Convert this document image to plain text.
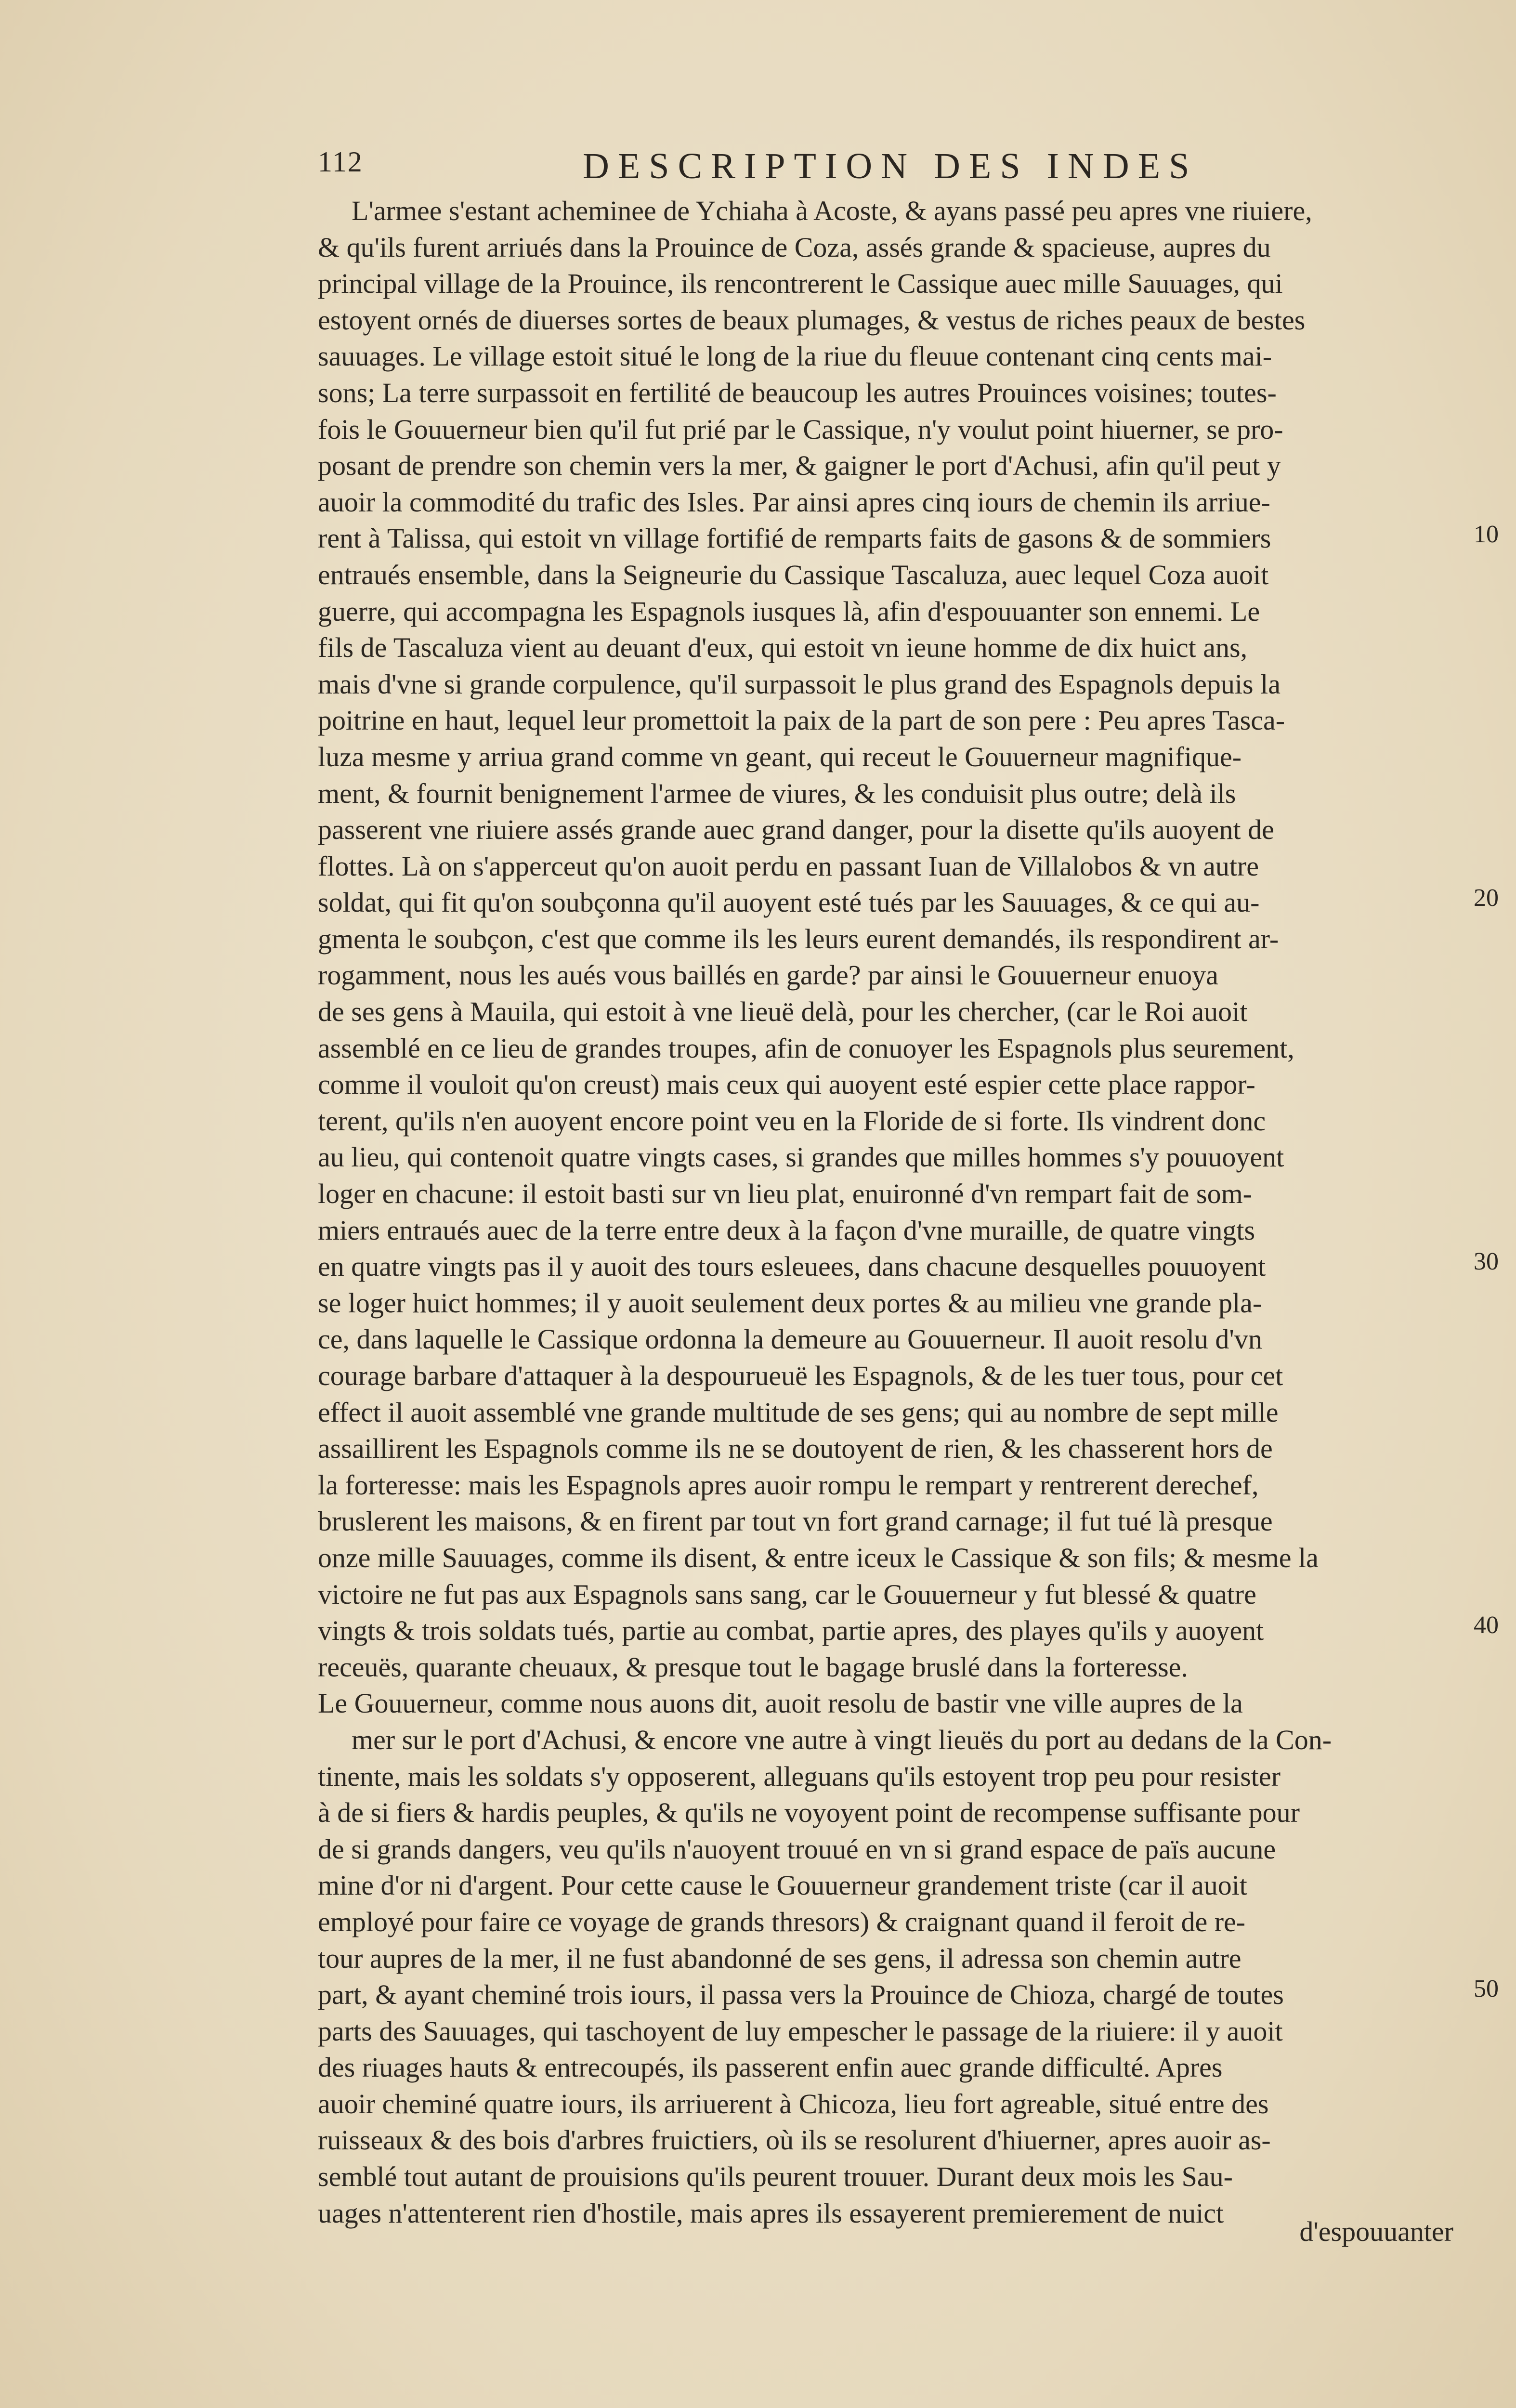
112	DESCRIPTION DES INDES
L'armee s'estant acheminee de Ychiaha à Acoste, & ayans passé peu apres vne riuiere,
& qu'ils furent arriués dans la Prouince de Coza, assés grande & spacieuse, aupres du
principal village de la Prouince, ils rencontrerent le Cassique auec mille Sauuages, qui
estoyent ornés de diuerses sortes de beaux plumages, & vestus de riches peaux de bestes
sauuages. Le village estoit situé le long de la riue du fleuue contenant cinq cents mai-
sons; La terre surpassoit en fertilité de beaucoup les autres Prouinces voisines; toutes-
fois le Gouuerneur bien qu'il fut prié par le Cassique, n'y voulut point hiuerner, se pro-
posant de prendre son chemin vers la mer, & gaigner le port d'Achusi, afin qu'il peut y
auoir la commodité du trafic des Isles. Par ainsi apres cinq iours de chemin ils arriue-
rent à Talissa, qui estoit vn village fortifié de remparts faits de gasons & de sommiers
entraués ensemble, dans la Seigneurie du Cassique Tascaluza, auec lequel Coza auoit
guerre, qui accompagna les Espagnols iusques là, afin d'espouuanter son ennemi. Le
fils de Tascaluza vient au deuant d'eux, qui estoit vn ieune homme de dix huict ans,
mais d'vne si grande corpulence, qu'il surpassoit le plus grand des Espagnols depuis la
poitrine en haut, lequel leur promettoit la paix de la part de son pere : Peu apres Tasca-
luza mesme y arriua grand comme vn geant, qui receut le Gouuerneur magnifique-
ment, & fournit benignement l'armee de viures, & les conduisit plus outre; delà ils
passerent vne riuiere assés grande auec grand danger, pour la disette qu'ils auoyent de
flottes. Là on s'apperceut qu'on auoit perdu en passant Iuan de Villalobos & vn autre
soldat, qui fit qu'on soubçonna qu'il auoyent esté tués par les Sauuages, & ce qui au-
gmenta le soubçon, c'est que comme ils les leurs eurent demandés, ils respondirent ar-
rogamment, nous les aués vous baillés en garde? par ainsi le Gouuerneur enuoya
de ses gens à Mauila, qui estoit à vne lieuë delà, pour les chercher, (car le Roi auoit
assemblé en ce lieu de grandes troupes, afin de conuoyer les Espagnols plus seurement,
comme il vouloit qu'on creust) mais ceux qui auoyent esté espier cette place rappor-
terent, qu'ils n'en auoyent encore point veu en la Floride de si forte. Ils vindrent donc
au lieu, qui contenoit quatre vingts cases, si grandes que milles hommes s'y pouuoyent
loger en chacune: il estoit basti sur vn lieu plat, enuironné d'vn rempart fait de som-
miers entraués auec de la terre entre deux à la façon d'vne muraille, de quatre vingts
en quatre vingts pas il y auoit des tours esleuees, dans chacune desquelles pouuoyent
se loger huict hommes; il y auoit seulement deux portes & au milieu vne grande pla-
ce, dans laquelle le Cassique ordonna la demeure au Gouuerneur. Il auoit resolu d'vn
courage barbare d'attaquer à la despourueuë les Espagnols, & de les tuer tous, pour cet
effect il auoit assemblé vne grande multitude de ses gens; qui au nombre de sept mille
assaillirent les Espagnols comme ils ne se doutoyent de rien, & les chasserent hors de
la forteresse: mais les Espagnols apres auoir rompu le rempart y rentrerent derechef,
bruslerent les maisons, & en firent par tout vn fort grand carnage; il fut tué là presque
onze mille Sauuages, comme ils disent, & entre iceux le Cassique & son fils; & mesme la
victoire ne fut pas aux Espagnols sans sang, car le Gouuerneur y fut blessé & quatre
vingts & trois soldats tués, partie au combat, partie apres, des playes qu'ils y auoyent
receuës, quarante cheuaux, & presque tout le bagage bruslé dans la forteresse.
Le Gouuerneur, comme nous auons dit, auoit resolu de bastir vne ville aupres de la
mer sur le port d'Achusi, & encore vne autre à vingt lieuës du port au dedans de la Con-
tinente, mais les soldats s'y opposerent, alleguans qu'ils estoyent trop peu pour resister
à de si fiers & hardis peuples, & qu'ils ne voyoyent point de recompense suffisante pour
de si grands dangers, veu qu'ils n'auoyent trouué en vn si grand espace de païs aucune
mine d'or ni d'argent. Pour cette cause le Gouuerneur grandement triste (car il auoit
employé pour faire ce voyage de grands thresors) & craignant quand il feroit de re-
tour aupres de la mer, il ne fust abandonné de ses gens, il adressa son chemin autre
part, & ayant cheminé trois iours, il passa vers la Prouince de Chioza, chargé de toutes
parts des Sauuages, qui taschoyent de luy empescher le passage de la riuiere: il y auoit
des riuages hauts & entrecoupés, ils passerent enfin auec grande difficulté. Apres
auoir cheminé quatre iours, ils arriuerent à Chicoza, lieu fort agreable, situé entre des
ruisseaux & des bois d'arbres fruictiers, où ils se resolurent d'hiuerner, apres auoir as-
semblé tout autant de prouisions qu'ils peurent trouuer. Durant deux mois les Sau-
uages n'attenterent rien d'hostile, mais apres ils essayerent premierement de nuict
10
20
30
40
50
d'espouuanter
